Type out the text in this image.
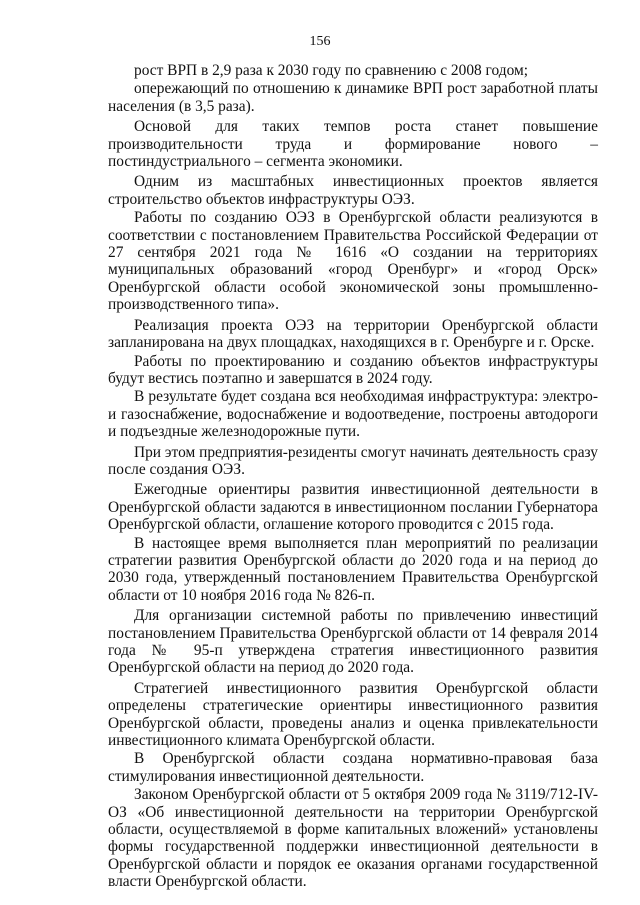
156

рост ВРП в 2,9 раза к 2030 году по сравнению с 2008 годом;

опережающий по отношению к динамике ВРП рост заработной платы населения (в 3,5 раза).

Основой для таких темпов роста станет повышение производительности труда и формирование нового – постиндустриального – сегмента экономики.

Одним из масштабных инвестиционных проектов является строительство объектов инфраструктуры ОЭЗ.

Работы по созданию ОЭЗ в Оренбургской области реализуются в соответствии с постановлением Правительства Российской Федерации от 27 сентября 2021 года № 1616 «О создании на территориях муниципальных образований «город Оренбург» и «город Орск» Оренбургской области особой экономической зоны промышленно-производственного типа».

Реализация проекта ОЭЗ на территории Оренбургской области запланирована на двух площадках, находящихся в г. Оренбурге и г. Орске.

Работы по проектированию и созданию объектов инфраструктуры будут вестись поэтапно и завершатся в 2024 году.

В результате будет создана вся необходимая инфраструктура: электро- и газоснабжение, водоснабжение и водоотведение, построены автодороги и подъездные железнодорожные пути.

При этом предприятия-резиденты смогут начинать деятельность сразу после создания ОЭЗ.

Ежегодные ориентиры развития инвестиционной деятельности в Оренбургской области задаются в инвестиционном послании Губернатора Оренбургской области, оглашение которого проводится с 2015 года.

В настоящее время выполняется план мероприятий по реализации стратегии развития Оренбургской области до 2020 года и на период до 2030 года, утвержденный постановлением Правительства Оренбургской области от 10 ноября 2016 года № 826-п.

Для организации системной работы по привлечению инвестиций постановлением Правительства Оренбургской области от 14 февраля 2014 года № 95-п утверждена стратегия инвестиционного развития Оренбургской области на период до 2020 года.

Стратегией инвестиционного развития Оренбургской области определены стратегические ориентиры инвестиционного развития Оренбургской области, проведены анализ и оценка привлекательности инвестиционного климата Оренбургской области.

В Оренбургской области создана нормативно-правовая база стимулирования инвестиционной деятельности.

Законом Оренбургской области от 5 октября 2009 года № 3119/712-IV-ОЗ «Об инвестиционной деятельности на территории Оренбургской области, осуществляемой в форме капитальных вложений» установлены формы государственной поддержки инвестиционной деятельности в Оренбургской области и порядок ее оказания органами государственной власти Оренбургской области.
